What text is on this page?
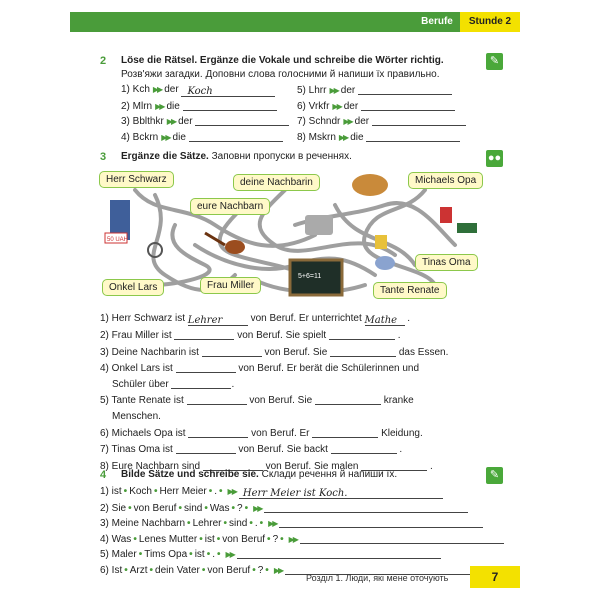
Berufe	Stunde 2
2 Löse die Rätsel. Ergänze die Vokale und schreibe die Wörter richtig.
Розв'яжи загадки. Доповни слова голосними й напиши їх правильно.
✎
1) Kch ▶▶ der Koch
2) Mlrn ▶▶ die
3) Bblthkr ▶▶ der
4) Bckrn ▶▶ die
5) Lhrr ▶▶ der
6) Vrkfr ▶▶ der
7) Schndr ▶▶ der
8) Mskrn ▶▶ die
3 Ergänze die Sätze. Заповни пропуски в реченнях.	●●
50 UAH
5+6=11
Herr Schwarz	deine Nachbarin	Michaels Opa
eure Nachbarn
Tinas Oma
Onkel Lars	Frau Miller	Tante Renate
1) Herr Schwarz ist Lehrer	von Beruf. Er unterrichtet Mathe .
2) Frau Miller ist	von Beruf. Sie spielt	.
3) Deine Nachbarin ist	von Beruf. Sie	das Essen.
4) Onkel Lars ist	von Beruf. Er berät die Schülerinnen und
Schüler über	.
5) Tante Renate ist	von Beruf. Sie	kranke
Menschen.
6) Michaels Opa ist	von Beruf. Er	Kleidung.
7) Tinas Oma ist	von Beruf. Sie backt	.
8) Eure Nachbarn sind	von Beruf. Sie malen	.
4 Bilde Sätze und schreibe sie. Склади речення й напиши їх.	✎
1) ist • Koch • Herr Meier • . • ▶▶ Herr Meier ist Koch.
2) Sie • von Beruf • sind • Was • ? • ▶▶
3) Meine Nachbarn • Lehrer • sind • . • ▶▶
4) Was • Lenes Mutter • ist • von Beruf • ? • ▶▶
5) Maler • Tims Opa • ist • . • ▶▶
6) Ist • Arzt • dein Vater • von Beruf • ? • ▶▶
Розділ 1. Люди, які мене оточують	7
